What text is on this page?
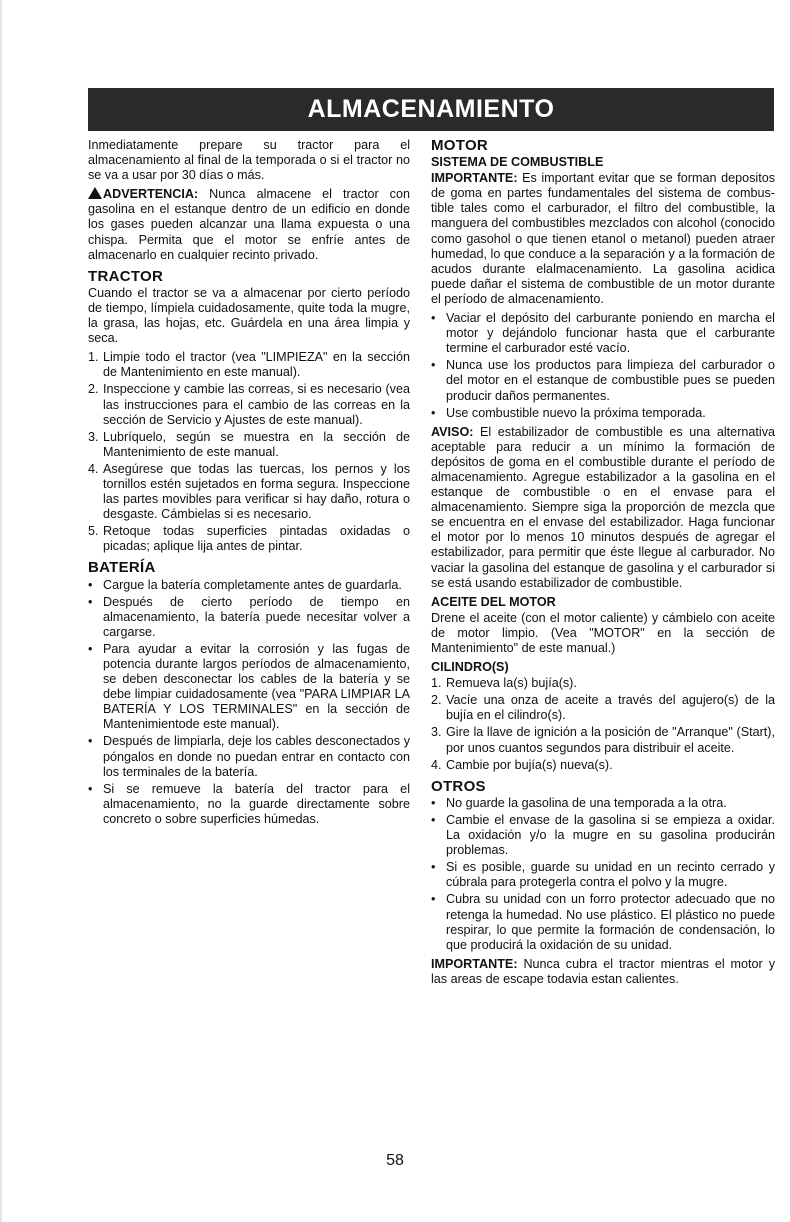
ALMACENAMIENTO

Inmediatamente prepare su tractor para el almacenamiento al final de la temporada o si el tractor no se va a usar por 30 días o más.

ADVERTENCIA: Nunca almacene el tractor con gasolina en el estanque dentro de un edificio en donde los gases pueden alcanzar una llama expuesta o una chispa. Permita que el motor se enfríe antes de almacenarlo en cualquier recinto privado.

TRACTOR

Cuando el tractor se va a almacenar por cierto período de tiempo, límpiela cuidadosamente, quite toda la mugre, la grasa, las hojas, etc. Guárdela en una área limpia y seca.

1. Limpie todo el tractor (vea "LIMPIEZA" en la sección de Mantenimiento en este manual).
2. Inspeccione y cambie las correas, si es necesario (vea las instrucciones para el cambio de las correas en la sección de Servicio y Ajustes de este manual).
3. Lubríquelo, según se muestra en la sección de Mantenimiento de este manual.
4. Asegúrese que todas las tuercas, los pernos y los tornillos estén sujetados en forma segura. Inspeccione las partes movibles para verificar si hay daño, rotura o desgaste. Cámbielas si es necesario.
5. Retoque todas superficies pintadas oxidadas o picadas; aplique lija antes de pintar.
BATERÍA
• Cargue la batería completamente antes de guardarla.
• Después de cierto período de tiempo en almacenamiento, la batería puede necesitar volver a cargarse.
• Para ayudar a evitar la corrosión y las fugas de potencia durante largos períodos de almacenamiento, se deben desconectar los cables de la batería y se debe limpiar cuidadosamente (vea "PARA LIMPIAR LA BATERÍA Y LOS TERMINALES" en la sección de Mantenimientode este manual).
• Después de limpiarla, deje los cables desconectados y póngalos en donde no puedan entrar en contacto con los terminales de la batería.
• Si se remueve la batería del tractor para el almacenamiento, no la guarde directamente sobre concreto o sobre superficies húmedas.
MOTOR
SISTEMA DE COMBUSTIBLE

IMPORTANTE: Es important evitar que se forman depositos de goma en partes fundamentales del sistema de combus-tible tales como el carburador, el filtro del combustible, la manguera del combustibles mezclados con alcohol (conocido como gasohol o que tienen etanol o metanol) pueden atraer humedad, lo que conduce a la separación y a la formación de acudos durante elalmacenamiento. La gasolina acidica puede dañar el sistema de combustible de un motor durante el período de almacenamiento.

• Vaciar el depósito del carburante poniendo en marcha el motor y dejándolo funcionar hasta que el carburante termine el carburador esté vacío.
• Nunca use los productos para limpieza del carburador o del motor en el estanque de combustible pues se pueden producir daños permanentes.
• Use combustible nuevo la próxima temporada.

AVISO: El estabilizador de combustible es una alternativa aceptable para reducir a un mínimo la formación de depósitos de goma en el combustible durante el período de almacenamiento. Agregue estabilizador a la gasolina en el estanque de combustible o en el envase para el almacenamiento. Siempre siga la proporción de mezcla que se encuentra en el envase del estabilizador. Haga funcionar el motor por lo menos 10 minutos después de agregar el estabilizador, para permitir que éste llegue al carburador. No vaciar la gasolina del estanque de gasolina y el carburador si se está usando estabilizador de combustible.

ACEITE DEL MOTOR

Drene el aceite (con el motor caliente) y cámbielo con aceite de motor limpio. (Vea "MOTOR" en la sección de Mantenimiento" de este manual.)

CILINDRO(S)
1. Remueva la(s) bujía(s).
2. Vacíe una onza de aceite a través del agujero(s) de la bujía en el cilindro(s).
3. Gire la llave de ignición a la posición de "Arranque" (Start), por unos cuantos segundos para distribuir el aceite.
4. Cambie por bujía(s) nueva(s).
OTROS
• No guarde la gasolina de una temporada a la otra.
• Cambie el envase de la gasolina si se empieza a oxidar. La oxidación y/o la mugre en su gasolina producirán problemas.
• Si es posible, guarde su unidad en un recinto cerrado y cúbrala para protegerla contra el polvo y la mugre.
• Cubra su unidad con un forro protector adecuado que no retenga la humedad. No use plástico. El plástico no puede respirar, lo que permite la formación de condensación, lo que producirá la oxidación de su unidad.

IMPORTANTE: Nunca cubra el tractor mientras el motor y las areas de escape todavia estan calientes.

58
